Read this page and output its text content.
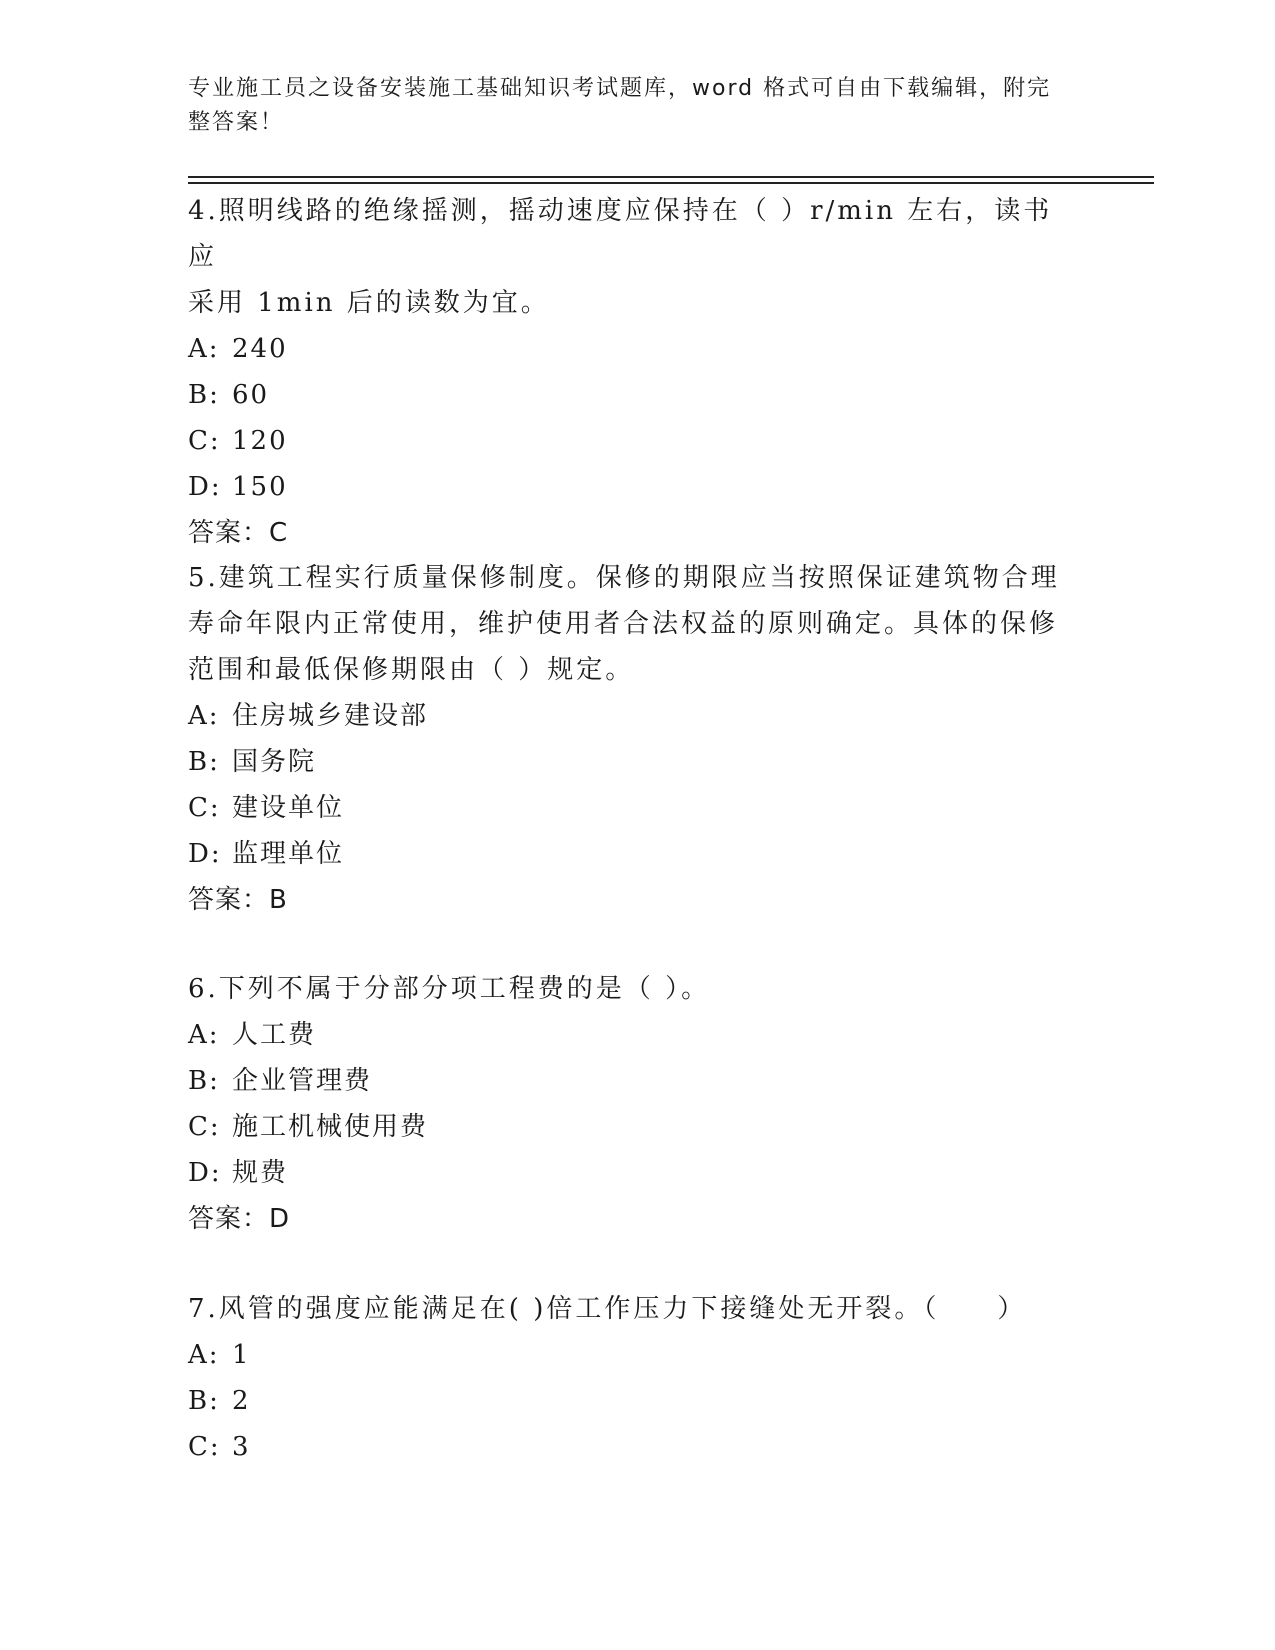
专业施工员之设备安装施工基础知识考试题库，word 格式可自由下载编辑，附完
整答案！

4.照明线路的绝缘摇测，摇动速度应保持在（ ）r/min 左右，读书应

采用 1min 后的读数为宜。

A: 240

B: 60

C: 120

D: 150

答案：C

5.建筑工程实行质量保修制度。保修的期限应当按照保证建筑物合理

寿命年限内正常使用，维护使用者合法权益的原则确定。具体的保修

范围和最低保修期限由（ ）规定。

A: 住房城乡建设部

B: 国务院

C: 建设单位

D: 监理单位

答案：B

6.下列不属于分部分项工程费的是（ ）。

A: 人工费

B: 企业管理费

C: 施工机械使用费

D: 规费

答案：D

7.风管的强度应能满足在( )倍工作压力下接缝处无开裂。（　　）

A: 1

B: 2

C: 3
